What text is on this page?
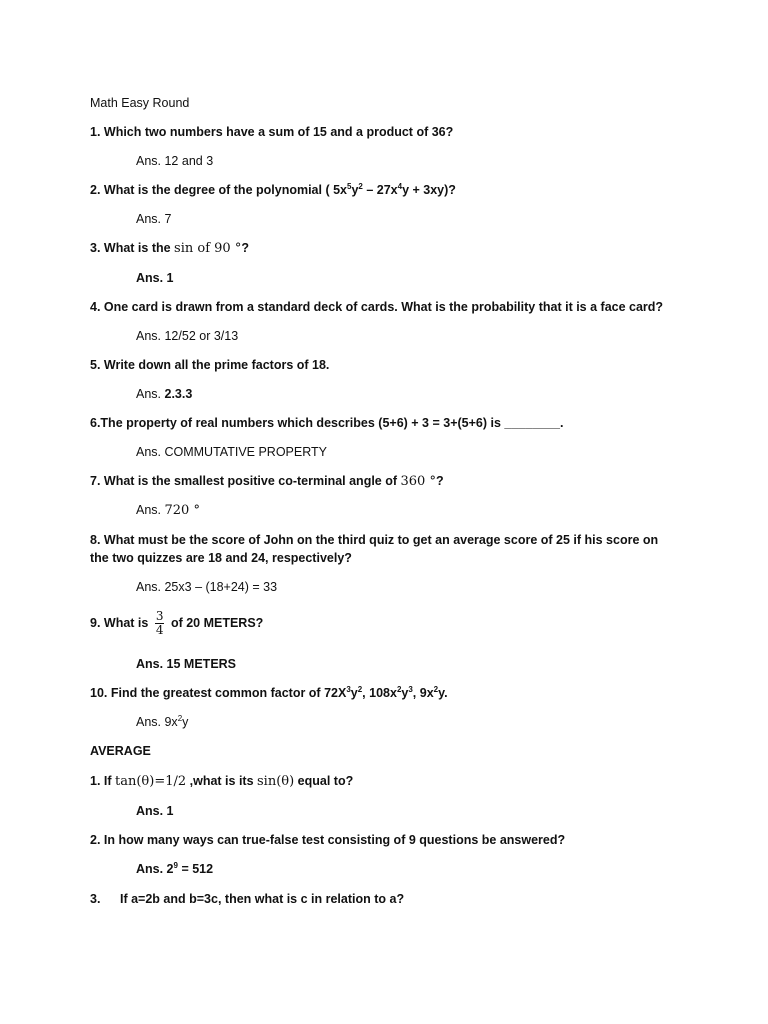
Math Easy Round
1. Which two numbers have a sum of 15 and a product of 36?
Ans. 12 and 3
2. What is the degree of the polynomial ( $5x^5y^2 - 27x^4y + 3xy$)?
Ans. 7
3. What is the sin of 90 °?
Ans. 1
4. One card is drawn from a standard deck of cards. What is the probability that it is a face card?
Ans. 12/52 or 3/13
5. Write down all the prime factors of 18.
Ans. 2.3.3
6.The property of real numbers which describes (5+6) + 3 = 3+(5+6) is ________.
Ans. COMMUTATIVE PROPERTY
7. What is the smallest positive co-terminal angle of 360 °?
Ans. 720 °
8. What must be the score of John on the third quiz to get an average score of 25 if his score on the two quizzes are 18 and 24, respectively?
Ans. 25x3 – (18+24) = 33
9. What is $\frac{3}{4}$ of 20 METERS?
Ans. 15 METERS
10. Find the greatest common factor of $72X^3y^2$, $108x^2y^3$, $9x^2y$.
Ans. $9x^2y$
AVERAGE
1. If tan(θ)=1/2 ,what is its sin(θ) equal to?
Ans. 1
2. In how many ways can true-false test consisting of 9 questions be answered?
Ans. $2^9 = 512$
3. If a=2b and b=3c, then what is c in relation to a?
